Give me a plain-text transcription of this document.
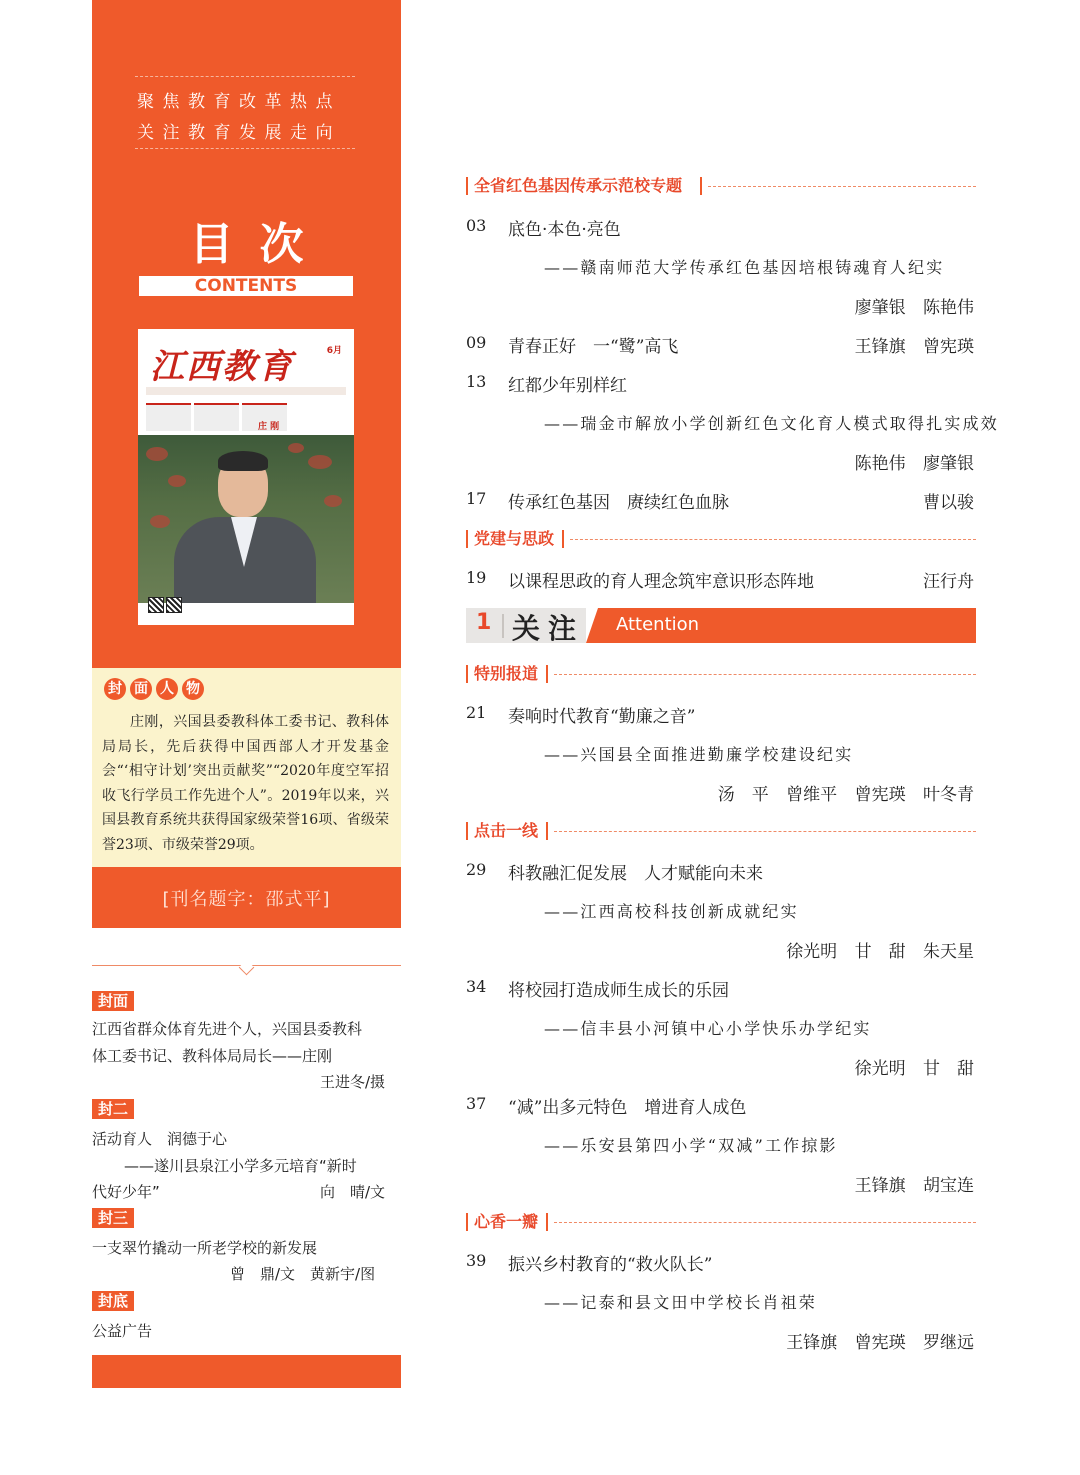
聚焦教育改革热点
关注教育发展走向
目次
CONTENTS
江西教育	6月
庄 刚
封 面 人 物
庄刚，兴国县委教科体工委书记、教科体局局长，先后获得中国西部人才开发基金会“‘相守计划’突出贡献奖”“2020年度空军招收飞行学员工作先进个人”。2019年以来，兴国县教育系统共获得国家级荣誉16项、省级荣誉23项、市级荣誉29项。
[刊名题字：邵式平]
封面
江西省群众体育先进个人，兴国县委教科
体工委书记、教科体局局长——庄刚
王进冬/摄
封二
活动育人　润德于心
——遂川县泉江小学多元培育“新时
代好少年”	向　晴/文
封三
一支翠竹撬动一所老学校的新发展
曾　鼎/文　黄新宇/图
封底
公益广告
全省红色基因传承示范校专题
03 底色·本色·亮色
——赣南师范大学传承红色基因培根铸魂育人纪实
廖肇银 陈艳伟
09 青春正好　一“鹭”高飞	王锋旗 曾宪瑛
13 红都少年别样红
——瑞金市解放小学创新红色文化育人模式取得扎实成效
陈艳伟 廖肇银
17 传承红色基因　赓续红色血脉	曹以骏
党建与思政
19 以课程思政的育人理念筑牢意识形态阵地	汪行舟
1 关注 Attention
特别报道
21 奏响时代教育“勤廉之音”
——兴国县全面推进勤廉学校建设纪实
汤　平 曾维平 曾宪瑛 叶冬青
点击一线
29 科教融汇促发展　人才赋能向未来
——江西高校科技创新成就纪实
徐光明 甘　甜 朱天星
34 将校园打造成师生成长的乐园
——信丰县小河镇中心小学快乐办学纪实
徐光明 甘　甜
37 “减”出多元特色　增进育人成色
——乐安县第四小学“双减”工作掠影
王锋旗 胡宝连
心香一瓣
39 振兴乡村教育的“救火队长”
——记泰和县文田中学校长肖祖荣
王锋旗 曾宪瑛 罗继远
